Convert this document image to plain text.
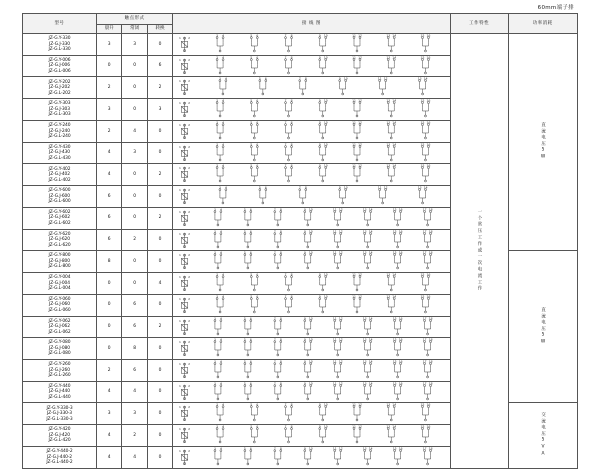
60mm端子排
型号	触点形式			接 线 图	工作特性	功率消耗
	晨升	常闭	转换			

JZ-G.Y-330
JZ-G.J-330
JZ-G.L-330
	3	3	0	
1	2
3 4	5 6	7 8	9 10	11 12	13 14	15 16
	一个常压工作或一次电流工作	直流电压5W

JZ-G.Y-006
JZ-G.J-006
JZ-G.L-006
	0	0	6	
1	2
3 4	5 6	7 8	9 10	11 12	13 14	15 16

JZ-G.Y-202
JZ-G.J-202
JZ-G.L-202
	2	0	2	
1	2
3 4	5 6	7 8	9 10	11 12	13 14

JZ-G.Y-303
JZ-G.J-303
JZ-G.L-303
	3	0	3	
1	2
3 4	5 6	7 8	9 10	11 12	13 14	15 16

JZ-G.Y-240
JZ-G.J-240
JZ-G.L-240
	2	4	0	
1	2
3 4	5 6	7 8	9 10	11 12	13 14	15 16

JZ-G.Y-430
JZ-G.J-430
JZ-G.L-430
	4	3	0	
1	2
3 4	5 6	7 8	9 10	11 12	13 14	15 16

JZ-G.Y-402
JZ-G.J-402
JZ-G.L-402
	4	0	2	
1	2
3 4	5 6	7 8	9 10	11 12	13 14	15 16

JZ-G.Y-600
JZ-G.J-600
JZ-G.L-600
	6	0	0	
1	2
3 4	5 6	7 8	9 10	11 12	13 14

JZ-G.Y-602
JZ-G.J-602
JZ-G.L-602
	6	0	2	
1	2
3 4	5 6	7 8	9 10	11 12	13 14	15 16	17 18

JZ-G.Y-620
JZ-G.J-620
JZ-G.L-620
	6	2	0	
1	2
3 4	5 6	7 8	9 10	11 12	13 14	15 16	17 18

JZ-G.Y-800
JZ-G.J-800
JZ-G.L-800
	8	0	0	
1	2
3 4	5 6	7 8	9 10	11 12	13 14	15 16	17 18
	直流电压5W

JZ-G.Y-004
JZ-G.J-004
JZ-G.L-004
	0	0	4	
1	2
3 4	5 6	7 8	9 10	11 12	13 14	15 16

JZ-G.Y-060
JZ-G.J-060
JZ-G.L-060
	0	6	0	
1	2
3 4	5 6	7 8	9 10	11 12	13 14	15 16

JZ-G.Y-062
JZ-G.J-062
JZ-G.L-062
	0	6	2	
1	2
3 4	5 6	7 8	9 10	11 12	13 14	15 16	17 18

JZ-G.Y-080
JZ-G.J-080
JZ-G.L-080
	0	8	0	
1	2
3 4	5 6	7 8	9 10	11 12	13 14	15 16	17 18

JZ-G.Y-260
JZ-G.J-260
JZ-G.L-260
	2	6	0	
1	2
3 4	5 6	7 8	9 10	11 12	13 14	15 16	17 18

JZ-G.Y-440
JZ-G.J-440
JZ-G.L-440
	4	4	0	
1	2
3 4	5 6	7 8	9 10	11 12	13 14	15 16	17 18

JZ-G.Y-330-3
JZ-G.J-330-3
JZ-G.L-330-3
	3	3	0	
1	2
3 4	5 6	7 8	9 10	11 12	13 14	15 16
	交流电压5VA

JZ-G.Y-420
JZ-G.J-420
JZ-G.L-420
	4	2	0	
1	2
3 4	5 6	7 8	9 10	11 12	13 14	15 16

JZ-G.Y-440-2
JZ-G.J-440-2
JZ-G.L-440-2
	4	4	0	
1	2
3 4	5 6	7 8	9 10	11 12	13 14	15 16	17 18
